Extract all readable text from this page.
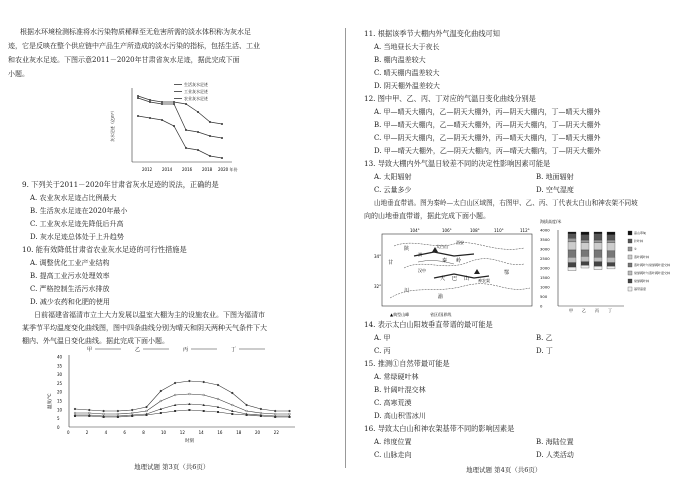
根据水环境检测标准将水污染物质稀释至无危害所需的淡水体积称为灰水足
迹，它是反映在整个供应链中产品生产所造成的淡水污染的指标，包括生活、工业
和农业灰水足迹。下图示意2011－2020年甘肃省灰水足迹，据此完成下面
小题。
灰水足迹（亿m³）
生活灰水足迹
工业灰水足迹
农业灰水足迹
2012 2014 2016 2018 2020 年份
9. 下列关于2011－2020年甘肃省灰水足迹的说法，正确的是
A. 农业灰水足迹占比例最大
B. 生活灰水足迹在2020年最小
C. 工业灰水足迹先降低后升高
D. 灰水足迹总体处于上升趋势
10. 能有效降低甘肃省农业灰水足迹的可行性措施是
A. 调整优化工业产业结构
B. 提高工业污水处理效率
C. 严格控制生活污水排放
D. 减少农药和化肥的使用
日前福建省福清市立土大力发展以温室大棚为主的设施农业。下图为福清市
某季节平均温度变化曲线图，图中四条曲线分别为晴天和阴天两种天气条件下大
棚内、外气温日变化曲线。据此完成下面小题。
温度/℃
40
35
30
25
20
15
10
5
0
甲	乙	丙	丁
0	2	4	6	8	10	12	14	16	18	20	22
时刻
地理试题 第3页（共6页）
11. 根据该季节大棚内外气温变化曲线可知
A. 当地昼长大于夜长
B. 棚内温差较大
C. 晴天棚内温差较大
D. 阴天棚外温差较大
12. 图中甲、乙、丙、丁对应的气温日变化曲线分别是
A. 甲—晴天大棚内，乙—阴天大棚外，丙—阴天大棚内，丁—晴天大棚外
B. 甲—晴天大棚内，乙—晴天大棚外，丙—阴天大棚内，丁—阴天大棚外
C. 甲—阴天大棚内，乙—阴天大棚外，丙—晴天大棚内，丁—晴天大棚外
D. 甲—晴天大棚外，乙—阴天大棚内，丙—晴天大棚内，丁—阴天大棚外
13. 导致大棚内外气温日较差不同的决定性影响因素可能是
A. 太阳辐射	B. 地面辐射
C. 云量多少	D. 空气湿度
山地垂直带谱。图为秦岭—太白山区域图，右图甲、乙、丙、丁代表太白山和神农架不同坡
向的山地垂直带谱，据此完成下面小题。
104°	106°	108°	110°	112°
34°
32°
陕
甘
太白山
西安
渭
汉中
大 巴 山 神农架
鄂
川
渝
秦 岭
▲典型山峰	省区/国界线
海拔高度/米
4000
3500
3000
2500
2000
1500
1000
500
0
甲 乙 丙 丁
高山草甸
针叶林
①
落叶阔叶林
落叶阔叶与常绿阔叶混交林
常绿阔叶与落叶阔叶混交林
常绿阔叶林
基带高度
14. 表示太白山阳坡垂直带谱的最可能是
A. 甲	B. 乙
C. 丙	D. 丁
15. 推测①自然带最可能是
A. 常绿硬叶林
B. 针阔叶混交林
C. 高寒荒漠
D. 高山积雪冰川
16. 导致太白山和神农架基带不同的影响因素是
A. 纬度位置	B. 海陆位置
C. 山脉走向	D. 人类活动
地理试题 第4页（共6页）
